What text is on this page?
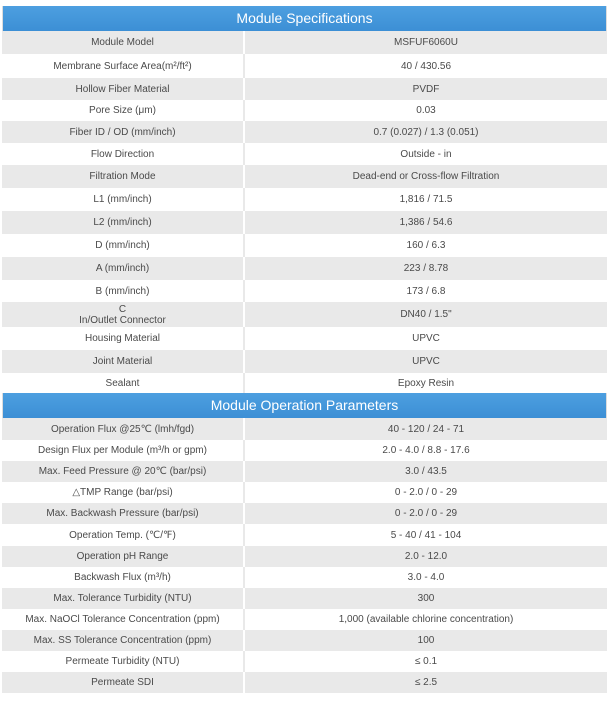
Module Specifications
Module Model	MSFUF6060U
Membrane Surface Area(m²/ft²)	40 / 430.56
Hollow Fiber Material	PVDF
Pore Size (μm)	0.03
Fiber ID / OD (mm/inch)	0.7 (0.027) / 1.3 (0.051)
Flow Direction	Outside - in
Filtration Mode	Dead-end or Cross-flow Filtration
L1 (mm/inch)	1,816 / 71.5
L2 (mm/inch)	1,386 / 54.6
D (mm/inch)	160 / 6.3
A (mm/inch)	223 / 8.78
B (mm/inch)	173 / 6.8
C
In/Outlet Connector	DN40 / 1.5"
Housing Material	UPVC
Joint Material	UPVC
Sealant	Epoxy Resin
Module Operation Parameters
Operation Flux @25℃ (lmh/fgd)	40 - 120 / 24 - 71
Design Flux per Module (m³/h or gpm)	2.0 - 4.0 / 8.8 - 17.6
Max. Feed Pressure @ 20℃ (bar/psi)	3.0 / 43.5
△TMP Range (bar/psi)	0 - 2.0 / 0 - 29
Max. Backwash Pressure (bar/psi)	0 - 2.0 / 0 - 29
Operation Temp. (℃/℉)	5 - 40 / 41 - 104
Operation pH Range	2.0 - 12.0
Backwash Flux (m³/h)	3.0 - 4.0
Max. Tolerance Turbidity (NTU)	300
Max. NaOCl Tolerance Concentration (ppm)	1,000 (available chlorine concentration)
Max. SS Tolerance Concentration (ppm)	100
Permeate Turbidity (NTU)	≤ 0.1
Permeate SDI	≤ 2.5
